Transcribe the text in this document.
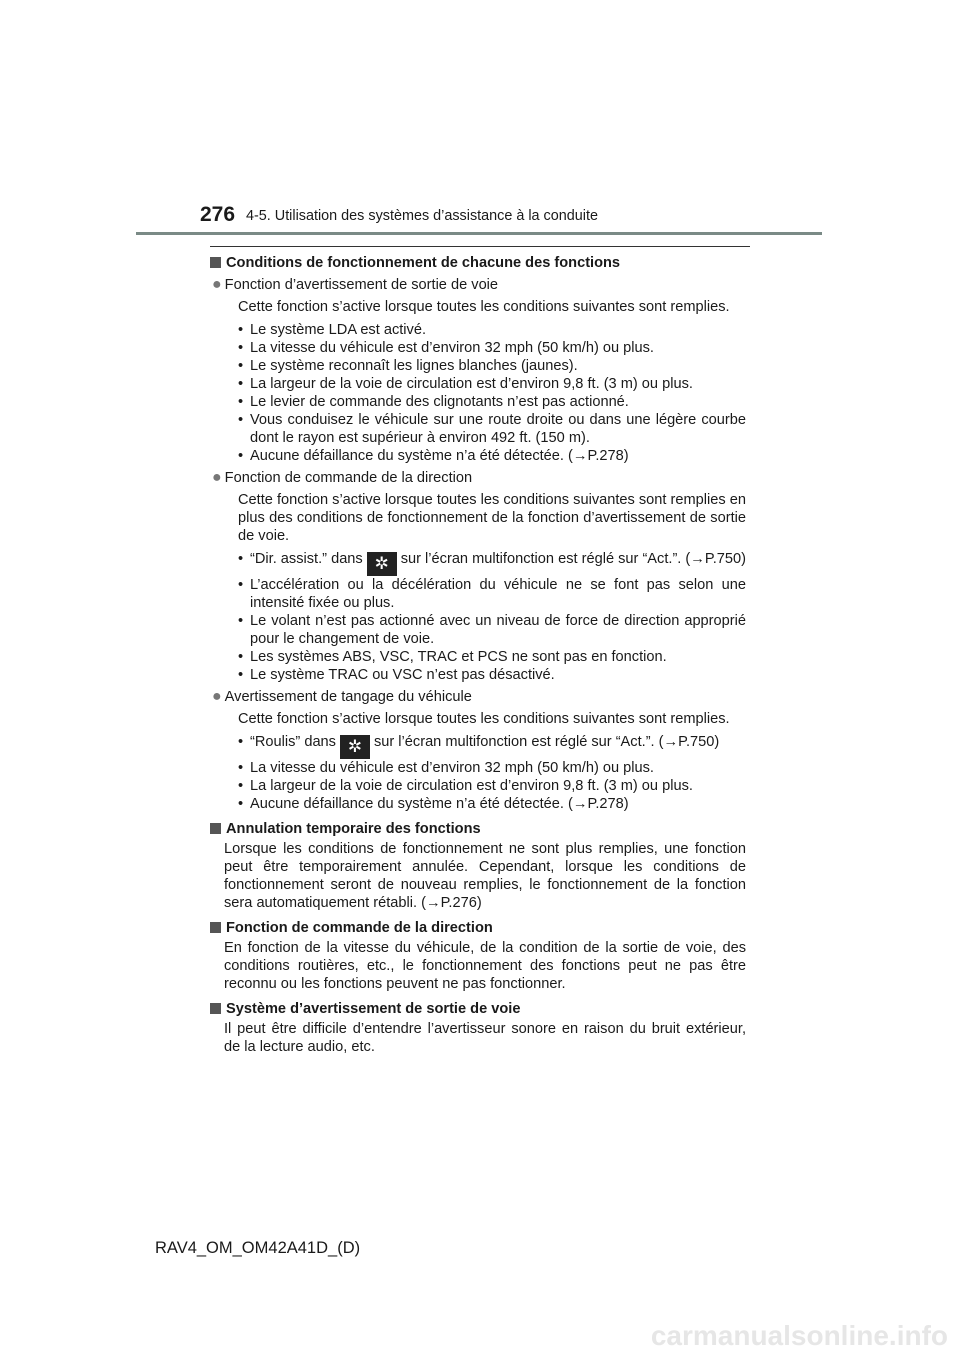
276 4-5. Utilisation des systèmes d’assistance à la conduite
Conditions de fonctionnement de chacune des fonctions
● Fonction d’avertissement de sortie de voie
Cette fonction s’active lorsque toutes les conditions suivantes sont remplies.
• Le système LDA est activé.
• La vitesse du véhicule est d’environ 32 mph (50 km/h) ou plus.
• Le système reconnaît les lignes blanches (jaunes).
• La largeur de la voie de circulation est d’environ 9,8 ft. (3 m) ou plus.
• Le levier de commande des clignotants n’est pas actionné.
• Vous conduisez le véhicule sur une route droite ou dans une légère courbe dont le rayon est supérieur à environ 492 ft. (150 m).
• Aucune défaillance du système n’a été détectée. (→P.278)
● Fonction de commande de la direction
Cette fonction s’active lorsque toutes les conditions suivantes sont remplies en plus des conditions de fonctionnement de la fonction d’avertissement de sortie de voie.
• “Dir. assist.” dans ✲ sur l’écran multifonction est réglé sur “Act.”. (→P.750)
• L’accélération ou la décélération du véhicule ne se font pas selon une intensité fixée ou plus.
• Le volant n’est pas actionné avec un niveau de force de direction approprié pour le changement de voie.
• Les systèmes ABS, VSC, TRAC et PCS ne sont pas en fonction.
• Le système TRAC ou VSC n’est pas désactivé.
● Avertissement de tangage du véhicule
Cette fonction s’active lorsque toutes les conditions suivantes sont remplies.
• “Roulis” dans ✲ sur l’écran multifonction est réglé sur “Act.”. (→P.750)
• La vitesse du véhicule est d’environ 32 mph (50 km/h) ou plus.
• La largeur de la voie de circulation est d’environ 9,8 ft. (3 m) ou plus.
• Aucune défaillance du système n’a été détectée. (→P.278)
Annulation temporaire des fonctions
Lorsque les conditions de fonctionnement ne sont plus remplies, une fonction peut être temporairement annulée. Cependant, lorsque les conditions de fonctionnement seront de nouveau remplies, le fonctionnement de la fonction sera automatiquement rétabli. (→P.276)
Fonction de commande de la direction
En fonction de la vitesse du véhicule, de la condition de la sortie de voie, des conditions routières, etc., le fonctionnement des fonctions peut ne pas être reconnu ou les fonctions peuvent ne pas fonctionner.
Système d’avertissement de sortie de voie
Il peut être difficile d’entendre l’avertisseur sonore en raison du bruit extérieur, de la lecture audio, etc.
RAV4_OM_OM42A41D_(D)
carmanualsonline.info
